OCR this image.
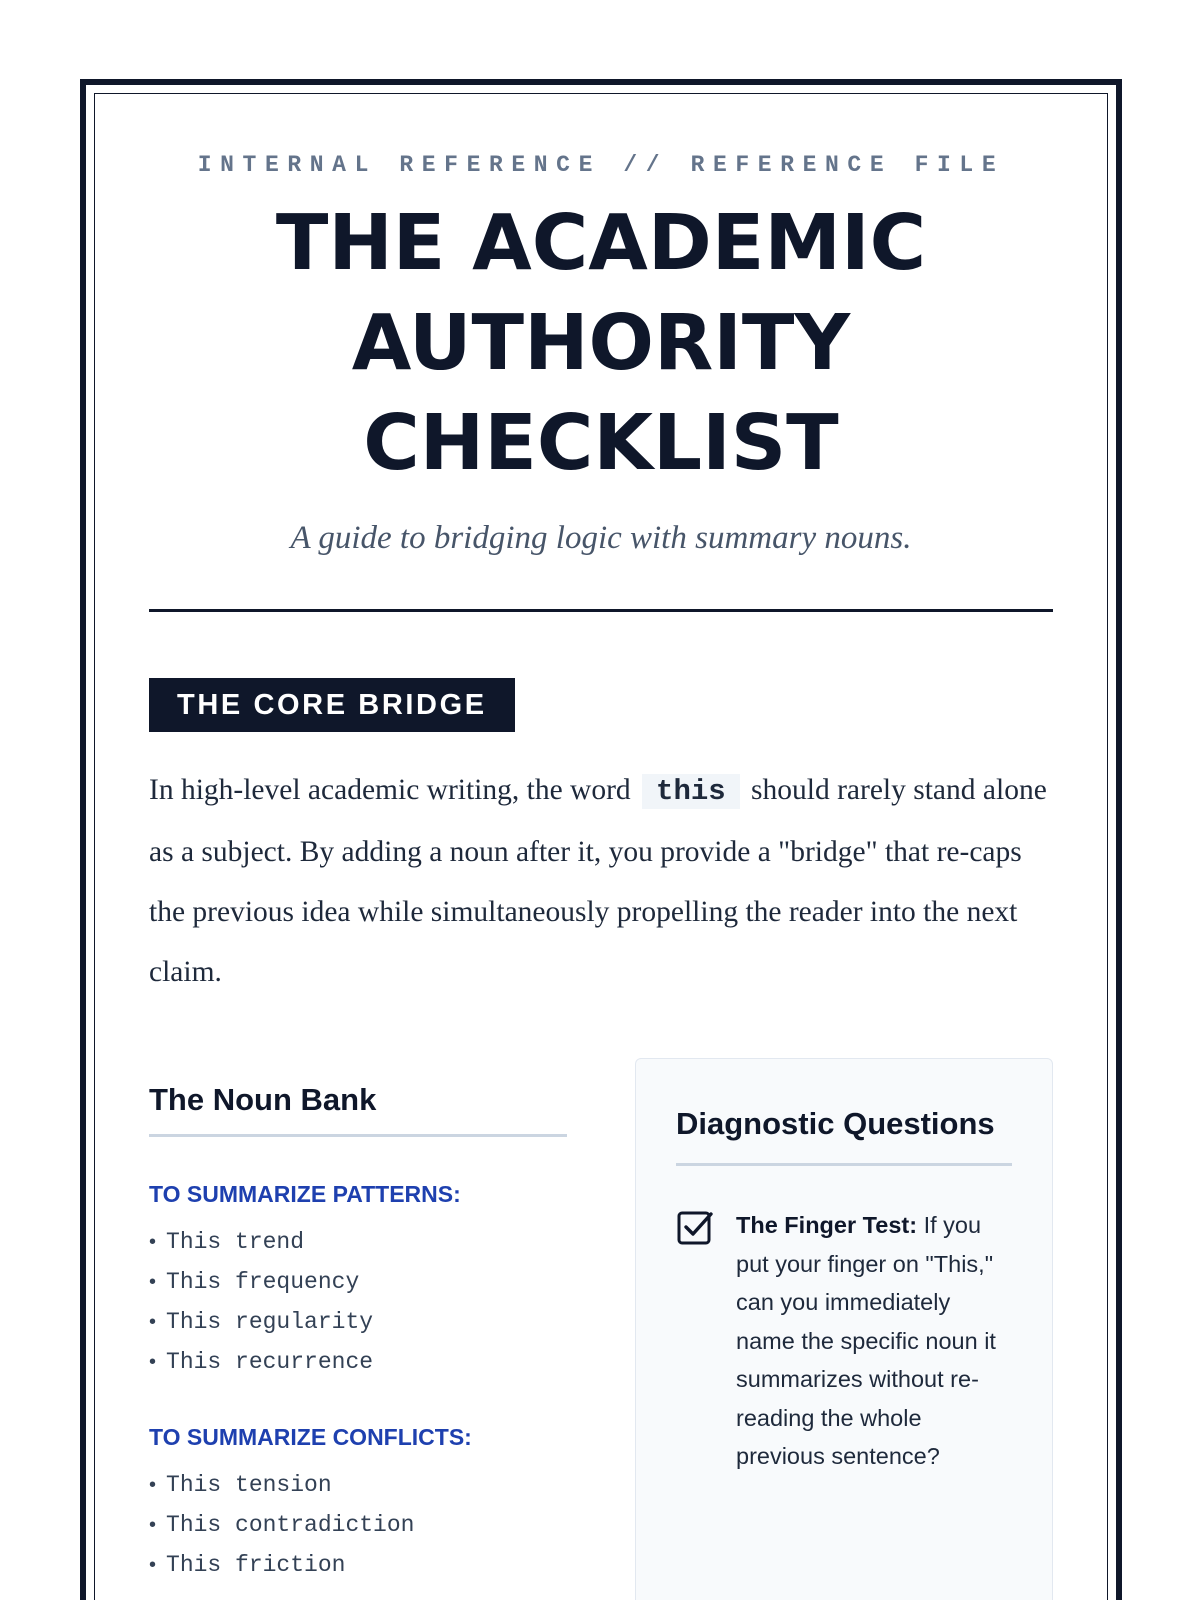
INTERNAL REFERENCE // REFERENCE FILE
THE ACADEMIC
AUTHORITY
CHECKLIST
A guide to bridging logic with summary nouns.
THE CORE BRIDGE

In high-level academic writing, the word this should rarely stand alone as a subject. By adding a noun after it, you provide a "bridge" that re-caps the previous idea while simultaneously propelling the reader into the next claim.

The Noun Bank
TO SUMMARIZE PATTERNS:
• This trend
• This frequency
• This regularity
• This recurrence
TO SUMMARIZE CONFLICTS:
• This tension
• This contradiction
• This friction
Diagnostic Questions
The Finger Test: If you put your finger on "This," can you immediately name the specific noun it summarizes without re-reading the whole previous sentence?
